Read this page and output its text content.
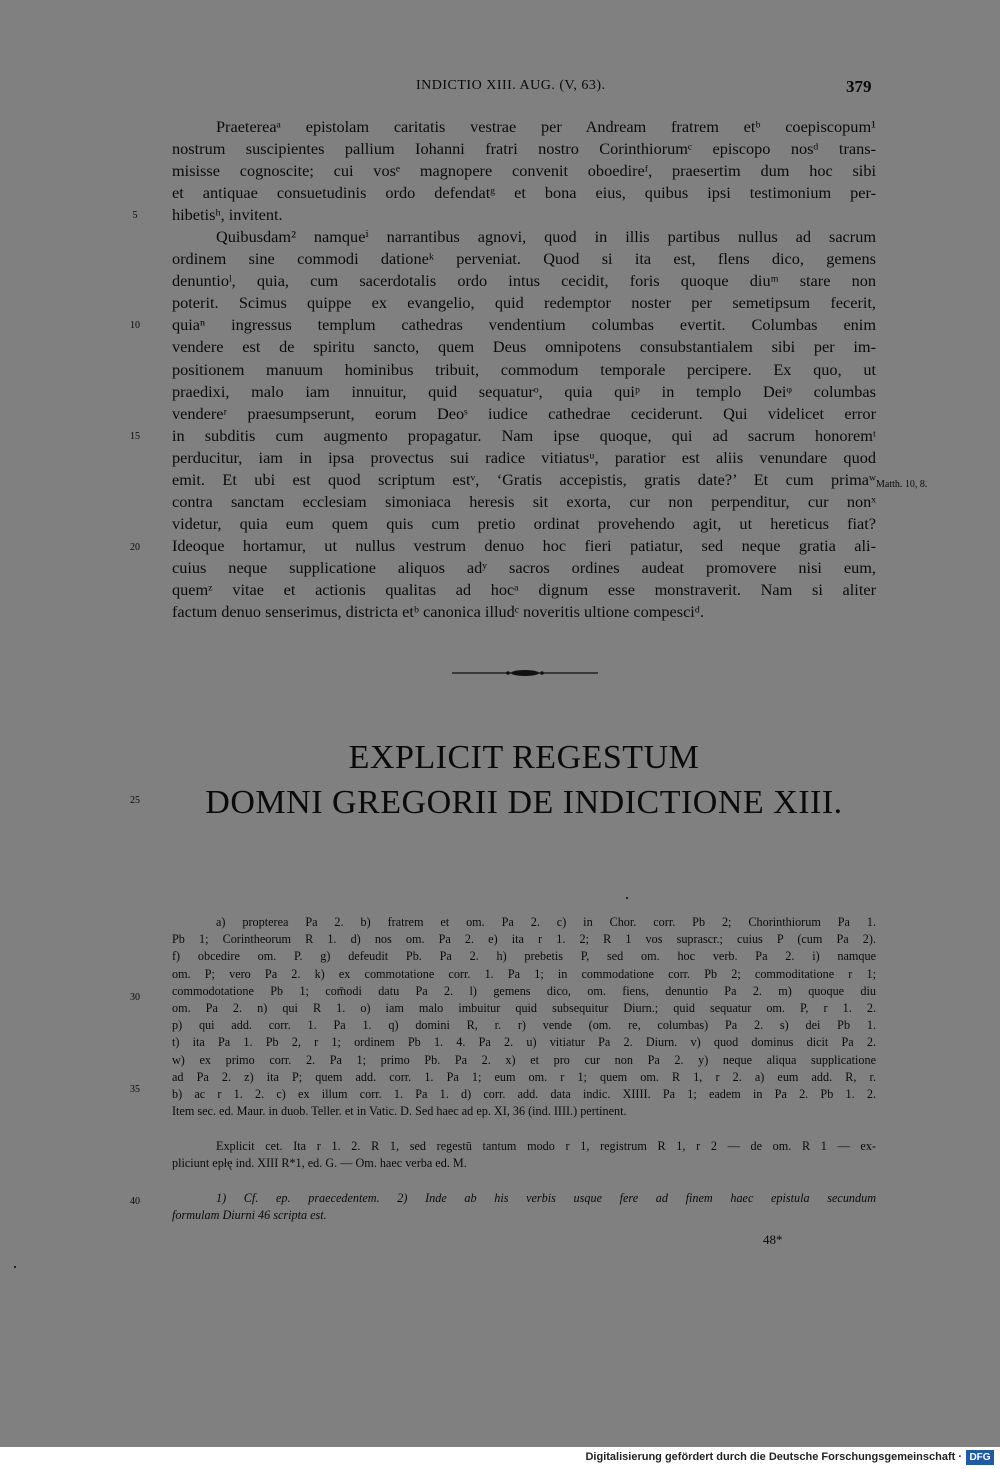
INDICTIO XIII. AUG. (V, 63).	379
Praetereaᵃ epistolam caritatis vestrae per Andream fratrem etᵇ coepiscopum¹
nostrum suscipientes pallium Iohanni fratri nostro Corinthiorumᶜ episcopo nosᵈ trans-
misisse cognoscite; cui vosᵉ magnopere convenit oboedireᶠ, praesertim dum hoc sibi
et antiquae consuetudinis ordo defendatᵍ et bona eius, quibus ipsi testimonium per-
hibetisʰ, invitent.
Quibusdam² namqueⁱ narrantibus agnovi, quod in illis partibus nullus ad sacrum
ordinem sine commodi dationeᵏ perveniat. Quod si ita est, flens dico, gemens
denuntioˡ, quia, cum sacerdotalis ordo intus cecidit, foris quoque diuᵐ stare non
poterit. Scimus quippe ex evangelio, quid redemptor noster per semetipsum fecerit,
quiaⁿ ingressus templum cathedras vendentium columbas evertit. Columbas enim
vendere est de spiritu sancto, quem Deus omnipotens consubstantialem sibi per im-
positionem manuum hominibus tribuit, commodum temporale percipere. Ex quo, ut
praedixi, malo iam innuitur, quid sequaturᵒ, quia quiᵖ in templo Deiᵠ columbas
vendereʳ praesumpserunt, eorum Deoˢ iudice cathedrae ceciderunt. Qui videlicet error
in subditis cum augmento propagatur. Nam ipse quoque, qui ad sacrum honoremᵗ
perducitur, iam in ipsa provectus sui radice vitiatusᵘ, paratior est aliis venundare quod
emit. Et ubi est quod scriptum estᵛ, ‘Gratis accepistis, gratis date?’ Et cum primaʷ
contra sanctam ecclesiam simoniaca heresis sit exorta, cur non perpenditur, cur nonˣ
videtur, quia eum quem quis cum pretio ordinat provehendo agit, ut hereticus fiat?
Ideoque hortamur, ut nullus vestrum denuo hoc fieri patiatur, sed neque gratia ali-
cuius neque supplicatione aliquos adʸ sacros ordines audeat promovere nisi eum,
quemᶻ vitae et actionis qualitas ad hocᵃ dignum esse monstraverit. Nam si aliter
factum denuo senserimus, districta etᵇ canonica illudᶜ noveritis ultione compesciᵈ.
5
10
15
20
25
30
35
40
Matth. 10, 8.
EXPLICIT REGESTUM
DOMNI GREGORII DE INDICTIONE XIII.
a) propterea Pa 2. b) fratrem et om. Pa 2. c) in Chor. corr. Pb 2; Chorinthiorum Pa 1.
Pb 1; Corintheorum R 1. d) nos om. Pa 2. e) ita r 1. 2; R 1 vos suprascr.; cuius P (cum Pa 2).
f) obcedire om. P. g) defeudit Pb. Pa 2. h) prebetis P, sed om. hoc verb. Pa 2. i) namque
om. P; vero Pa 2. k) ex commotatione corr. 1. Pa 1; in commodatione corr. Pb 2; commoditatione r 1;
commodotatione Pb 1; com̄odi datu Pa 2. l) gemens dico, om. fiens, denuntio Pa 2. m) quoque diu
om. Pa 2. n) qui R 1. o) iam malo imbuitur quid subsequitur Diurn.; quid sequatur om. P, r 1. 2.
p) qui add. corr. 1. Pa 1. q) domini R, r. r) vende (om. re, columbas) Pa 2. s) dei Pb 1.
t) ita Pa 1. Pb 2, r 1; ordinem Pb 1. 4. Pa 2. u) vitiatur Pa 2. Diurn. v) quod dominus dicit Pa 2.
w) ex primo corr. 2. Pa 1; primo Pb. Pa 2. x) et pro cur non Pa 2. y) neque aliqua supplicatione
ad Pa 2. z) ita P; quem add. corr. 1. Pa 1; eum om. r 1; quem om. R 1, r 2. a) eum add. R, r.
b) ac r 1. 2. c) ex illum corr. 1. Pa 1. d) corr. add. data indic. XIIII. Pa 1; eadem in Pa 2. Pb 1. 2.
Item sec. ed. Maur. in duob. Teller. et in Vatic. D. Sed haec ad ep. XI, 36 (ind. IIII.) pertinent.
Explicit cet. Ita r 1. 2. R 1, sed regestū tantum modo r 1, registrum R 1, r 2 — de om. R 1 — ex-
pliciunt epłę ind. XIII R*1, ed. G. — Om. haec verba ed. M.
1) Cf. ep. praecedentem. 2) Inde ab his verbis usque fere ad finem haec epistula secundum
formulam Diurni 46 scripta est.
48*
Digitalisierung gefördert durch die Deutsche Forschungsgemeinschaft · DFG
